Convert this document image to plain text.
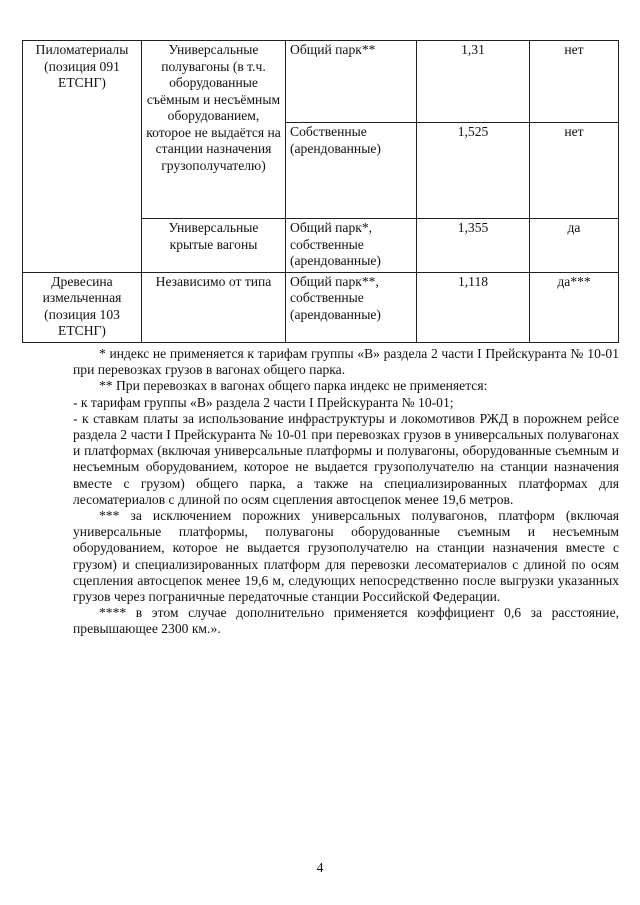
Пиломатериалы (позиция 091 ЕТСНГ)	Универсальные полувагоны (в т.ч. оборудованные съёмным и несъёмным оборудованием, которое не выдаётся на станции назначения грузополучателю)	Общий парк**	1,31	нет
		Собственные (арендованные)	1,525	нет
	Универсальные крытые вагоны	Общий парк*, собственные (арендованные)	1,355	да
Древесина измельченная (позиция 103 ЕТСНГ)	Независимо от типа	Общий парк**, собственные (арендованные)	1,118	да***

* индекс не применяется к тарифам группы «В» раздела 2 части I Прейскуранта № 10-01 при перевозках грузов в вагонах общего парка.

** При перевозках в вагонах общего парка индекс не применяется:

- к тарифам группы «В» раздела 2 части I Прейскуранта № 10-01;

- к ставкам платы за использование инфраструктуры и локомотивов РЖД в порожнем рейсе раздела 2 части I Прейскуранта № 10-01 при перевозках грузов в универсальных полувагонах и платформах (включая универсальные платформы и полувагоны, оборудованные съемным и несъемным оборудованием, которое не выдается грузополучателю на станции назначения вместе с грузом) общего парка, а также на специализированных платформах для лесоматериалов с длиной по осям сцепления автосцепок менее 19,6 метров.

*** за исключением порожних универсальных полувагонов, платформ (включая универсальные платформы, полувагоны оборудованные съемным и несъемным оборудованием, которое не выдается грузополучателю на станции назначения вместе с грузом) и специализированных платформ для перевозки лесоматериалов с длиной по осям сцепления автосцепок менее 19,6 м, следующих непосредственно после выгрузки указанных грузов через пограничные передаточные станции Российской Федерации.

**** в этом случае дополнительно применяется коэффициент 0,6 за расстояние, превышающее 2300 км.».

4
